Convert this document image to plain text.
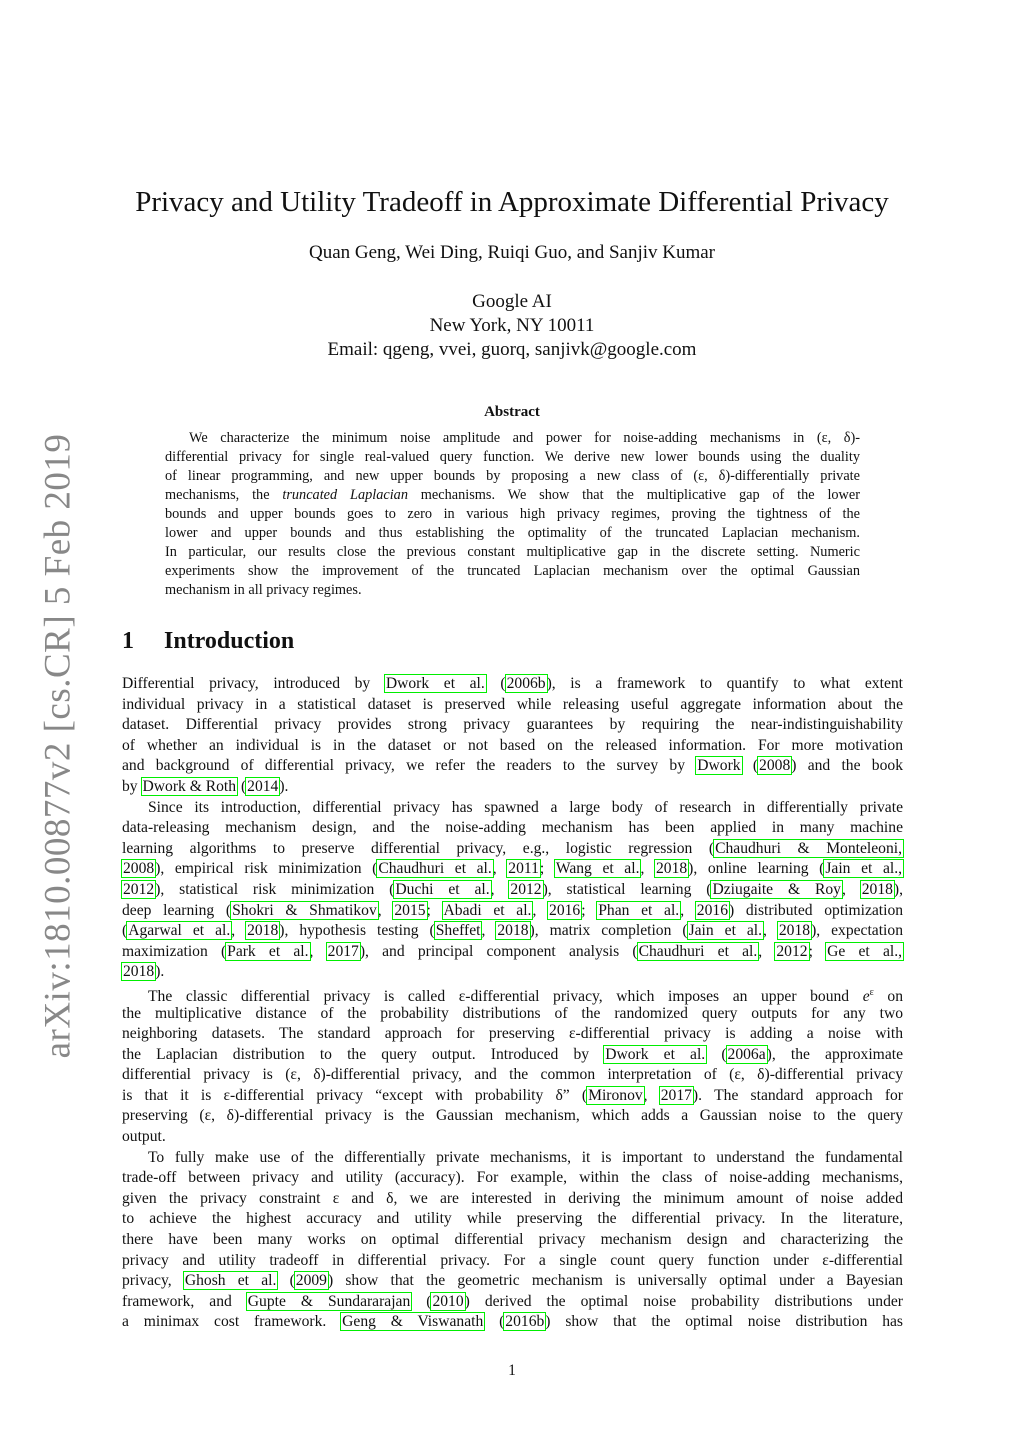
arXiv:1810.00877v2 [cs.CR] 5 Feb 2019
Privacy and Utility Tradeoff in Approximate Differential Privacy
Quan Geng, Wei Ding, Ruiqi Guo, and Sanjiv Kumar
Google AI
New York, NY 10011
Email: qgeng, vvei, guorq, sanjivk@google.com
Abstract
We characterize the minimum noise amplitude and power for noise-adding mechanisms in (ε, δ)-
differential privacy for single real-valued query function. We derive new lower bounds using the duality
of linear programming, and new upper bounds by proposing a new class of (ε, δ)-differentially private
mechanisms, the truncated Laplacian mechanisms. We show that the multiplicative gap of the lower
bounds and upper bounds goes to zero in various high privacy regimes, proving the tightness of the
lower and upper bounds and thus establishing the optimality of the truncated Laplacian mechanism.
In particular, our results close the previous constant multiplicative gap in the discrete setting. Numeric
experiments show the improvement of the truncated Laplacian mechanism over the optimal Gaussian
mechanism in all privacy regimes.
1 Introduction
Differential privacy, introduced by Dwork et al. (2006b), is a framework to quantify to what extent
individual privacy in a statistical dataset is preserved while releasing useful aggregate information about the
dataset. Differential privacy provides strong privacy guarantees by requiring the near-indistinguishability
of whether an individual is in the dataset or not based on the released information. For more motivation
and background of differential privacy, we refer the readers to the survey by Dwork (2008) and the book
by Dwork & Roth (2014).
Since its introduction, differential privacy has spawned a large body of research in differentially private
data-releasing mechanism design, and the noise-adding mechanism has been applied in many machine
learning algorithms to preserve differential privacy, e.g., logistic regression (Chaudhuri & Monteleoni,
2008), empirical risk minimization (Chaudhuri et al., 2011; Wang et al., 2018), online learning (Jain et al.,
2012), statistical risk minimization (Duchi et al., 2012), statistical learning (Dziugaite & Roy, 2018),
deep learning (Shokri & Shmatikov, 2015; Abadi et al., 2016; Phan et al., 2016) distributed optimization
(Agarwal et al., 2018), hypothesis testing (Sheffet, 2018), matrix completion (Jain et al., 2018), expectation
maximization (Park et al., 2017), and principal component analysis (Chaudhuri et al., 2012; Ge et al.,
2018).
The classic differential privacy is called ε-differential privacy, which imposes an upper bound $e^\varepsilon$ on
the multiplicative distance of the probability distributions of the randomized query outputs for any two
neighboring datasets. The standard approach for preserving ε-differential privacy is adding a noise with
the Laplacian distribution to the query output. Introduced by Dwork et al. (2006a), the approximate
differential privacy is (ε, δ)-differential privacy, and the common interpretation of (ε, δ)-differential privacy
is that it is ε-differential privacy “except with probability δ” (Mironov, 2017). The standard approach for
preserving (ε, δ)-differential privacy is the Gaussian mechanism, which adds a Gaussian noise to the query
output.
To fully make use of the differentially private mechanisms, it is important to understand the fundamental
trade-off between privacy and utility (accuracy). For example, within the class of noise-adding mechanisms,
given the privacy constraint ε and δ, we are interested in deriving the minimum amount of noise added
to achieve the highest accuracy and utility while preserving the differential privacy. In the literature,
there have been many works on optimal differential privacy mechanism design and characterizing the
privacy and utility tradeoff in differential privacy. For a single count query function under ε-differential
privacy, Ghosh et al. (2009) show that the geometric mechanism is universally optimal under a Bayesian
framework, and Gupte & Sundararajan (2010) derived the optimal noise probability distributions under
a minimax cost framework. Geng & Viswanath (2016b) show that the optimal noise distribution has
1
